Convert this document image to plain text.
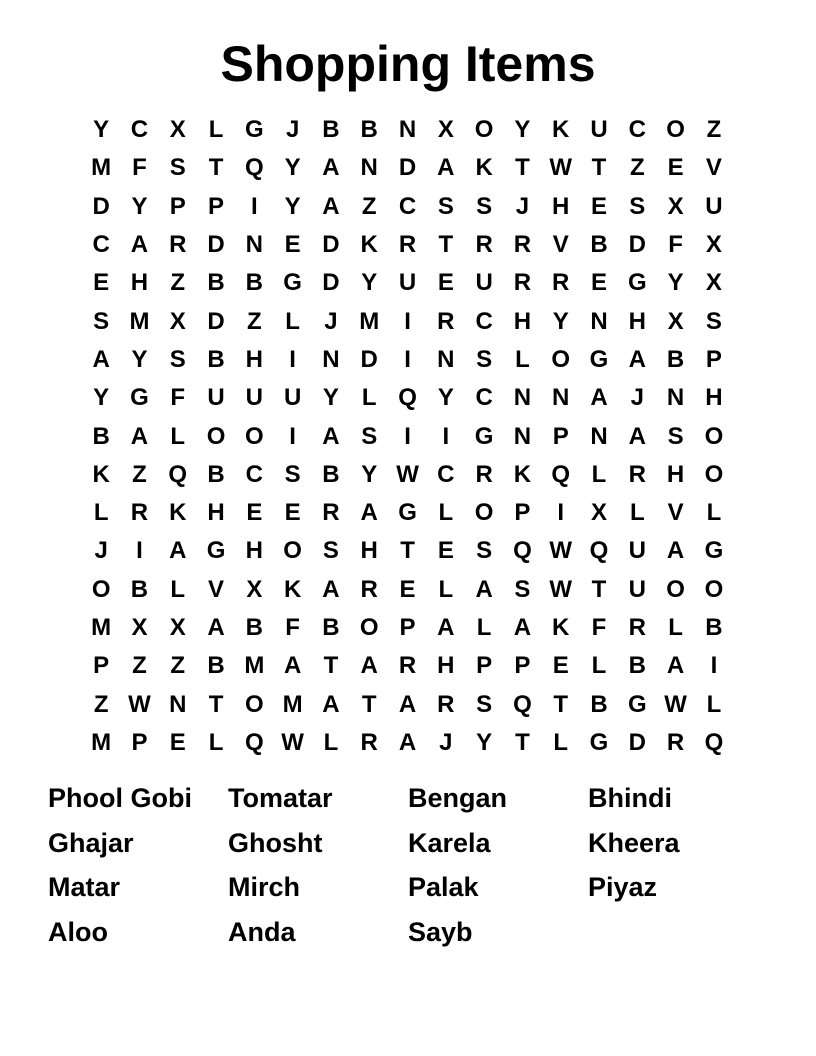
Shopping Items
Y C X L G J B B N X O Y K U C O Z
M F S T Q Y A N D A K T W T Z E V
D Y P P	I	Y A Z C S S J H E S X U
C A R D N E D K R T R R V B D F X
E H Z B B G D Y U E U R R E G Y X
S M X D Z L	J M	I	R C H Y N H X S
A Y S B H	I	N D	I	N S L O G A B P
Y G F U U U Y L Q Y C N N A J N H
B A L O O	I	A S	I	I	G N P N A S O
K Z Q B C S B Y W C R K Q L R H O
L R K H E E R A G L O P	I	X L V L
J	I	A G H O S H T E S Q W Q U A G
O B L V X K A R E L A S W T U O O
M X X A B F B O P A L A K F R L B
P Z Z B M A T A R H P P E L B A	I
Z W N T O M A T A R S Q T B G W L
M P E L Q W L R A J Y T L G D R Q
Phool Gobi	Tomatar	Bengan	Bhindi
Ghajar	Ghosht	Karela	Kheera
Matar	Mirch	Palak	Piyaz
Aloo	Anda	Sayb
